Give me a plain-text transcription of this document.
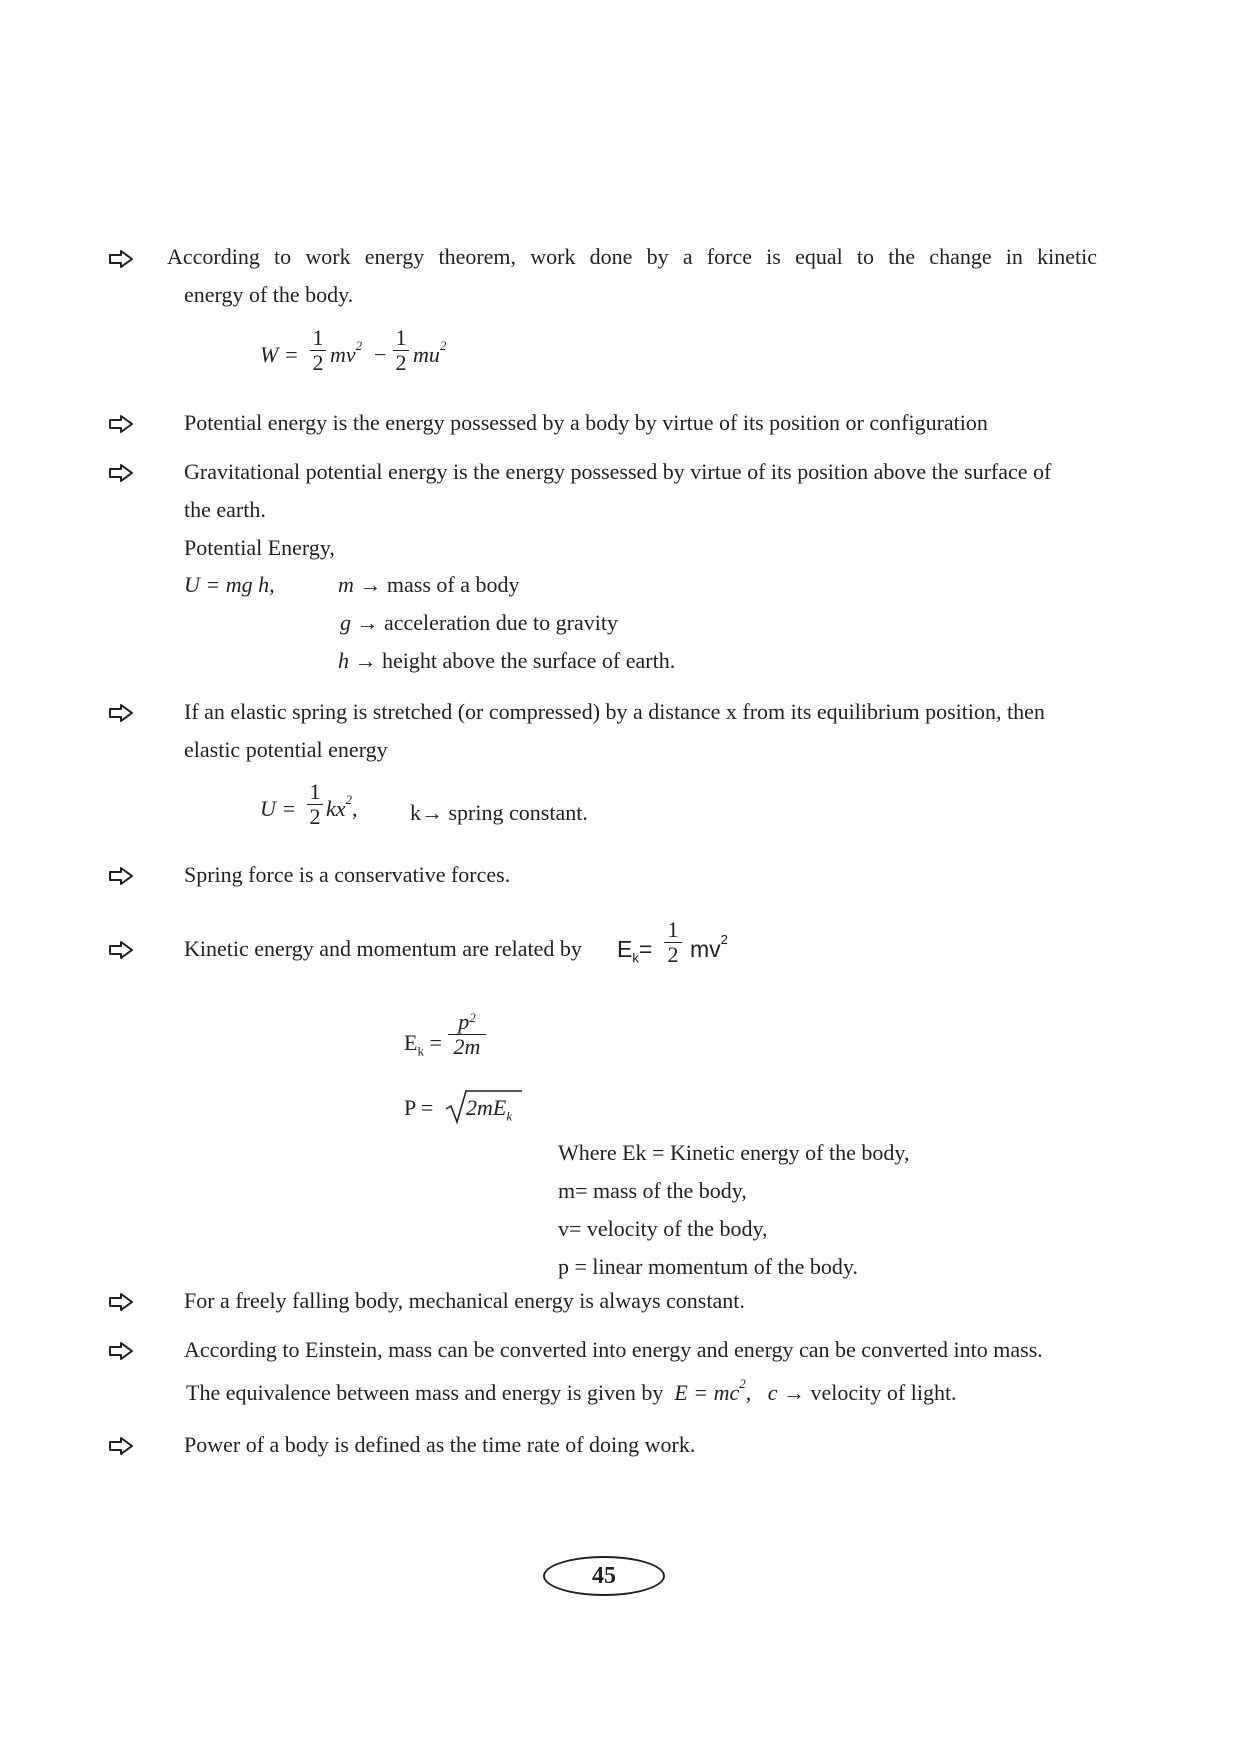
According to work energy theorem, work done by a force is equal to the change in kinetic
energy of the body.
$W = \frac{1}{2} mv^2 - \frac{1}{2} mu^2$
Potential energy is the energy possessed by a body by virtue of its position or configuration
Gravitational potential energy is the energy possessed by virtue of its position above the surface of
the earth.
Potential Energy,
U = mg h,	m → mass of a body
g → acceleration due to gravity
h → height above the surface of earth.
If an elastic spring is stretched (or compressed) by a distance x from its equilibrium position, then
elastic potential energy
$U = \frac{1}{2} kx^2$, k→ spring constant.
Spring force is a conservative forces.
Kinetic energy and momentum are related by $E_k= \frac{1}{2} mv^2$
$E_k = \frac{p^2}{2m}$
$P = 2mE_k$
Where Ek = Kinetic energy of the body,
m= mass of the body,
v= velocity of the body,
p = linear momentum of the body.
For a freely falling body, mechanical energy is always constant.
According to Einstein, mass can be converted into energy and energy can be converted into mass.
The equivalence between mass and energy is given by $E = mc^2$, c → velocity of light.
Power of a body is defined as the time rate of doing work.
45
